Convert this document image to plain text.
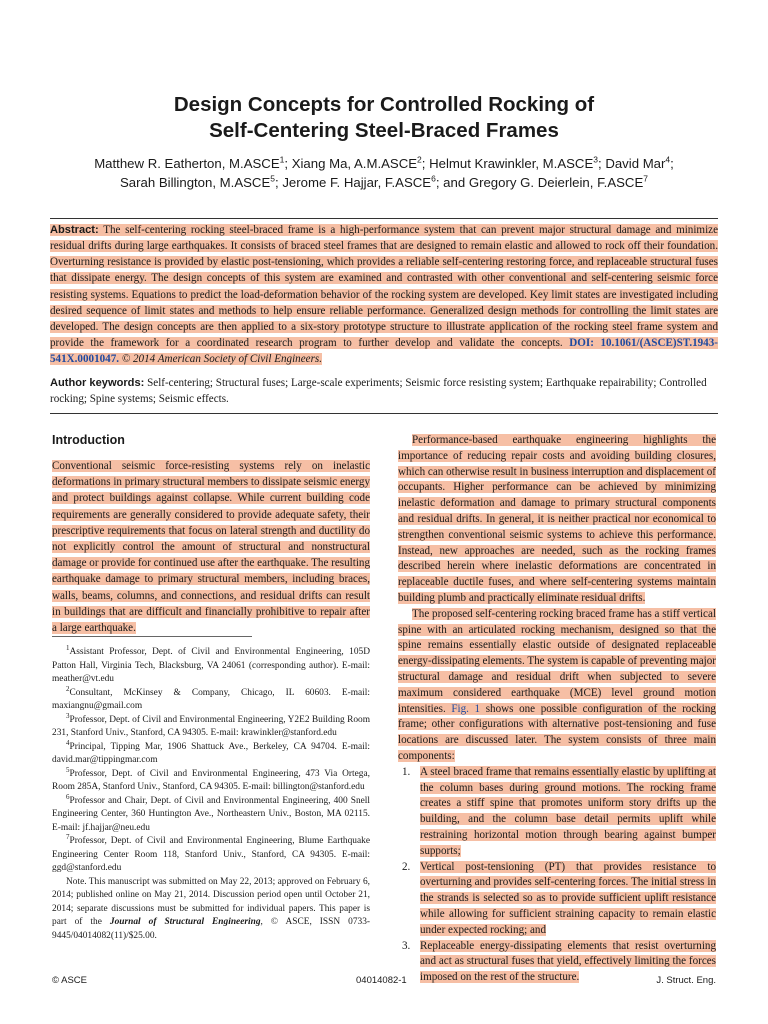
Design Concepts for Controlled Rocking of
Self-Centering Steel-Braced Frames
Matthew R. Eatherton, M.ASCE$^1$; Xiang Ma, A.M.ASCE$^2$; Helmut Krawinkler, M.ASCE$^3$; David Mar$^4$;
Sarah Billington, M.ASCE$^5$; Jerome F. Hajjar, F.ASCE$^6$; and Gregory G. Deierlein, F.ASCE$^7$
Abstract: The self-centering rocking steel-braced frame is a high-performance system that can prevent major structural damage and minimize residual drifts during large earthquakes. It consists of braced steel frames that are designed to remain elastic and allowed to rock off their foundation. Overturning resistance is provided by elastic post-tensioning, which provides a reliable self-centering restoring force, and replaceable structural fuses that dissipate energy. The design concepts of this system are examined and contrasted with other conventional and self-centering seismic force resisting systems. Equations to predict the load-deformation behavior of the rocking system are developed. Key limit states are investigated including desired sequence of limit states and methods to help ensure reliable performance. Generalized design methods for controlling the limit states are developed. The design concepts are then applied to a six-story prototype structure to illustrate application of the rocking steel frame system and provide the framework for a coordinated research program to further develop and validate the concepts. DOI: 10.1061/(ASCE)ST.1943-541X.0001047. © 2014 American Society of Civil Engineers.
Author keywords: Self-centering; Structural fuses; Large-scale experiments; Seismic force resisting system; Earthquake repairability; Controlled rocking; Spine systems; Seismic effects.
Introduction
Conventional seismic force-resisting systems rely on inelastic deformations in primary structural members to dissipate seismic energy and protect buildings against collapse. While current building code requirements are generally considered to provide adequate safety, their prescriptive requirements that focus on lateral strength and ductility do not explicitly control the amount of structural and nonstructural damage or provide for continued use after the earthquake. The resulting earthquake damage to primary structural members, including braces, walls, beams, columns, and connections, and residual drifts can result in buildings that are difficult and financially prohibitive to repair after a large earthquake.

$^1$Assistant Professor, Dept. of Civil and Environmental Engineering, 105D Patton Hall, Virginia Tech, Blacksburg, VA 24061 (corresponding author). E-mail: meather@vt.edu

$^2$Consultant, McKinsey & Company, Chicago, IL 60603. E-mail: maxiangnu@gmail.com

$^3$Professor, Dept. of Civil and Environmental Engineering, Y2E2 Building Room 231, Stanford Univ., Stanford, CA 94305. E-mail: krawinkler@stanford.edu

$^4$Principal, Tipping Mar, 1906 Shattuck Ave., Berkeley, CA 94704. E-mail: david.mar@tippingmar.com

$^5$Professor, Dept. of Civil and Environmental Engineering, 473 Via Ortega, Room 285A, Stanford Univ., Stanford, CA 94305. E-mail: billington@stanford.edu

$^6$Professor and Chair, Dept. of Civil and Environmental Engineering, 400 Snell Engineering Center, 360 Huntington Ave., Northeastern Univ., Boston, MA 02115. E-mail: jf.hajjar@neu.edu

$^7$Professor, Dept. of Civil and Environmental Engineering, Blume Earthquake Engineering Center Room 118, Stanford Univ., Stanford, CA 94305. E-mail: ggd@stanford.edu

Note. This manuscript was submitted on May 22, 2013; approved on February 6, 2014; published online on May 21, 2014. Discussion period open until October 21, 2014; separate discussions must be submitted for individual papers. This paper is part of the Journal of Structural Engineering, © ASCE, ISSN 0733-9445/04014082(11)/$25.00.

Performance-based earthquake engineering highlights the importance of reducing repair costs and avoiding building closures, which can otherwise result in business interruption and displacement of occupants. Higher performance can be achieved by minimizing inelastic deformation and damage to primary structural components and residual drifts. In general, it is neither practical nor economical to strengthen conventional seismic systems to achieve this performance. Instead, new approaches are needed, such as the rocking frames described herein where inelastic deformations are concentrated in replaceable ductile fuses, and where self-centering systems maintain building plumb and practically eliminate residual drifts.

The proposed self-centering rocking braced frame has a stiff vertical spine with an articulated rocking mechanism, designed so that the spine remains essentially elastic outside of designated replaceable energy-dissipating elements. The system is capable of preventing major structural damage and residual drift when subjected to severe maximum considered earthquake (MCE) level ground motion intensities. Fig. 1 shows one possible configuration of the rocking frame; other configurations with alternative post-tensioning and fuse locations are discussed later. The system consists of three main components:

1. A steel braced frame that remains essentially elastic by uplifting at the column bases during ground motions. The rocking frame creates a stiff spine that promotes uniform story drifts up the building, and the column base detail permits uplift while restraining horizontal motion through bearing against bumper supports;
2. Vertical post-tensioning (PT) that provides resistance to overturning and provides self-centering forces. The initial stress in the strands is selected so as to provide sufficient uplift resistance while allowing for sufficient straining capacity to remain elastic under expected rocking; and
3. Replaceable energy-dissipating elements that resist overturning and act as structural fuses that yield, effectively limiting the forces imposed on the rest of the structure.
© ASCE	04014082-1	J. Struct. Eng.
